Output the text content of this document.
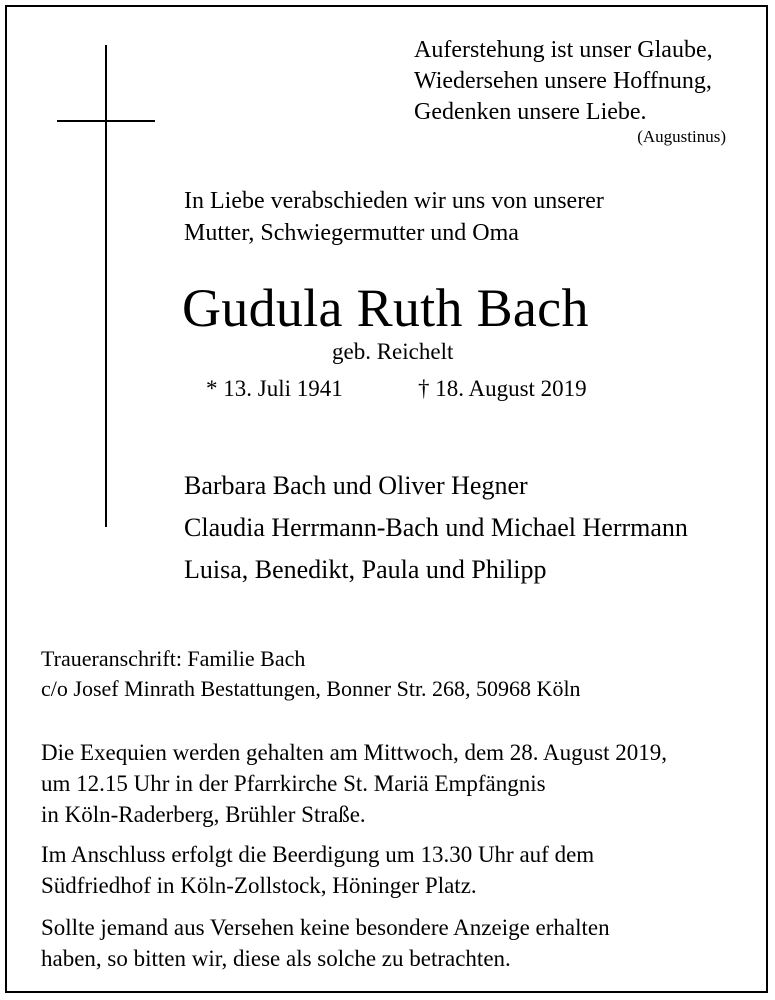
Auferstehung ist unser Glaube,
Wiedersehen unsere Hoffnung,
Gedenken unsere Liebe.
(Augustinus)
In Liebe verabschieden wir uns von unserer
Mutter, Schwiegermutter und Oma
Gudula Ruth Bach
geb. Reichelt
* 13. Juli 1941	† 18. August 2019
Barbara Bach und Oliver Hegner
Claudia Herrmann-Bach und Michael Herrmann
Luisa, Benedikt, Paula und Philipp
Traueranschrift: Familie Bach
c/o Josef Minrath Bestattungen, Bonner Str. 268, 50968 Köln
Die Exequien werden gehalten am Mittwoch, dem 28. August 2019,
um 12.15 Uhr in der Pfarrkirche St. Mariä Empfängnis
in Köln-Raderberg, Brühler Straße.
Im Anschluss erfolgt die Beerdigung um 13.30 Uhr auf dem
Südfriedhof in Köln-Zollstock, Höninger Platz.
Sollte jemand aus Versehen keine besondere Anzeige erhalten
haben, so bitten wir, diese als solche zu betrachten.
